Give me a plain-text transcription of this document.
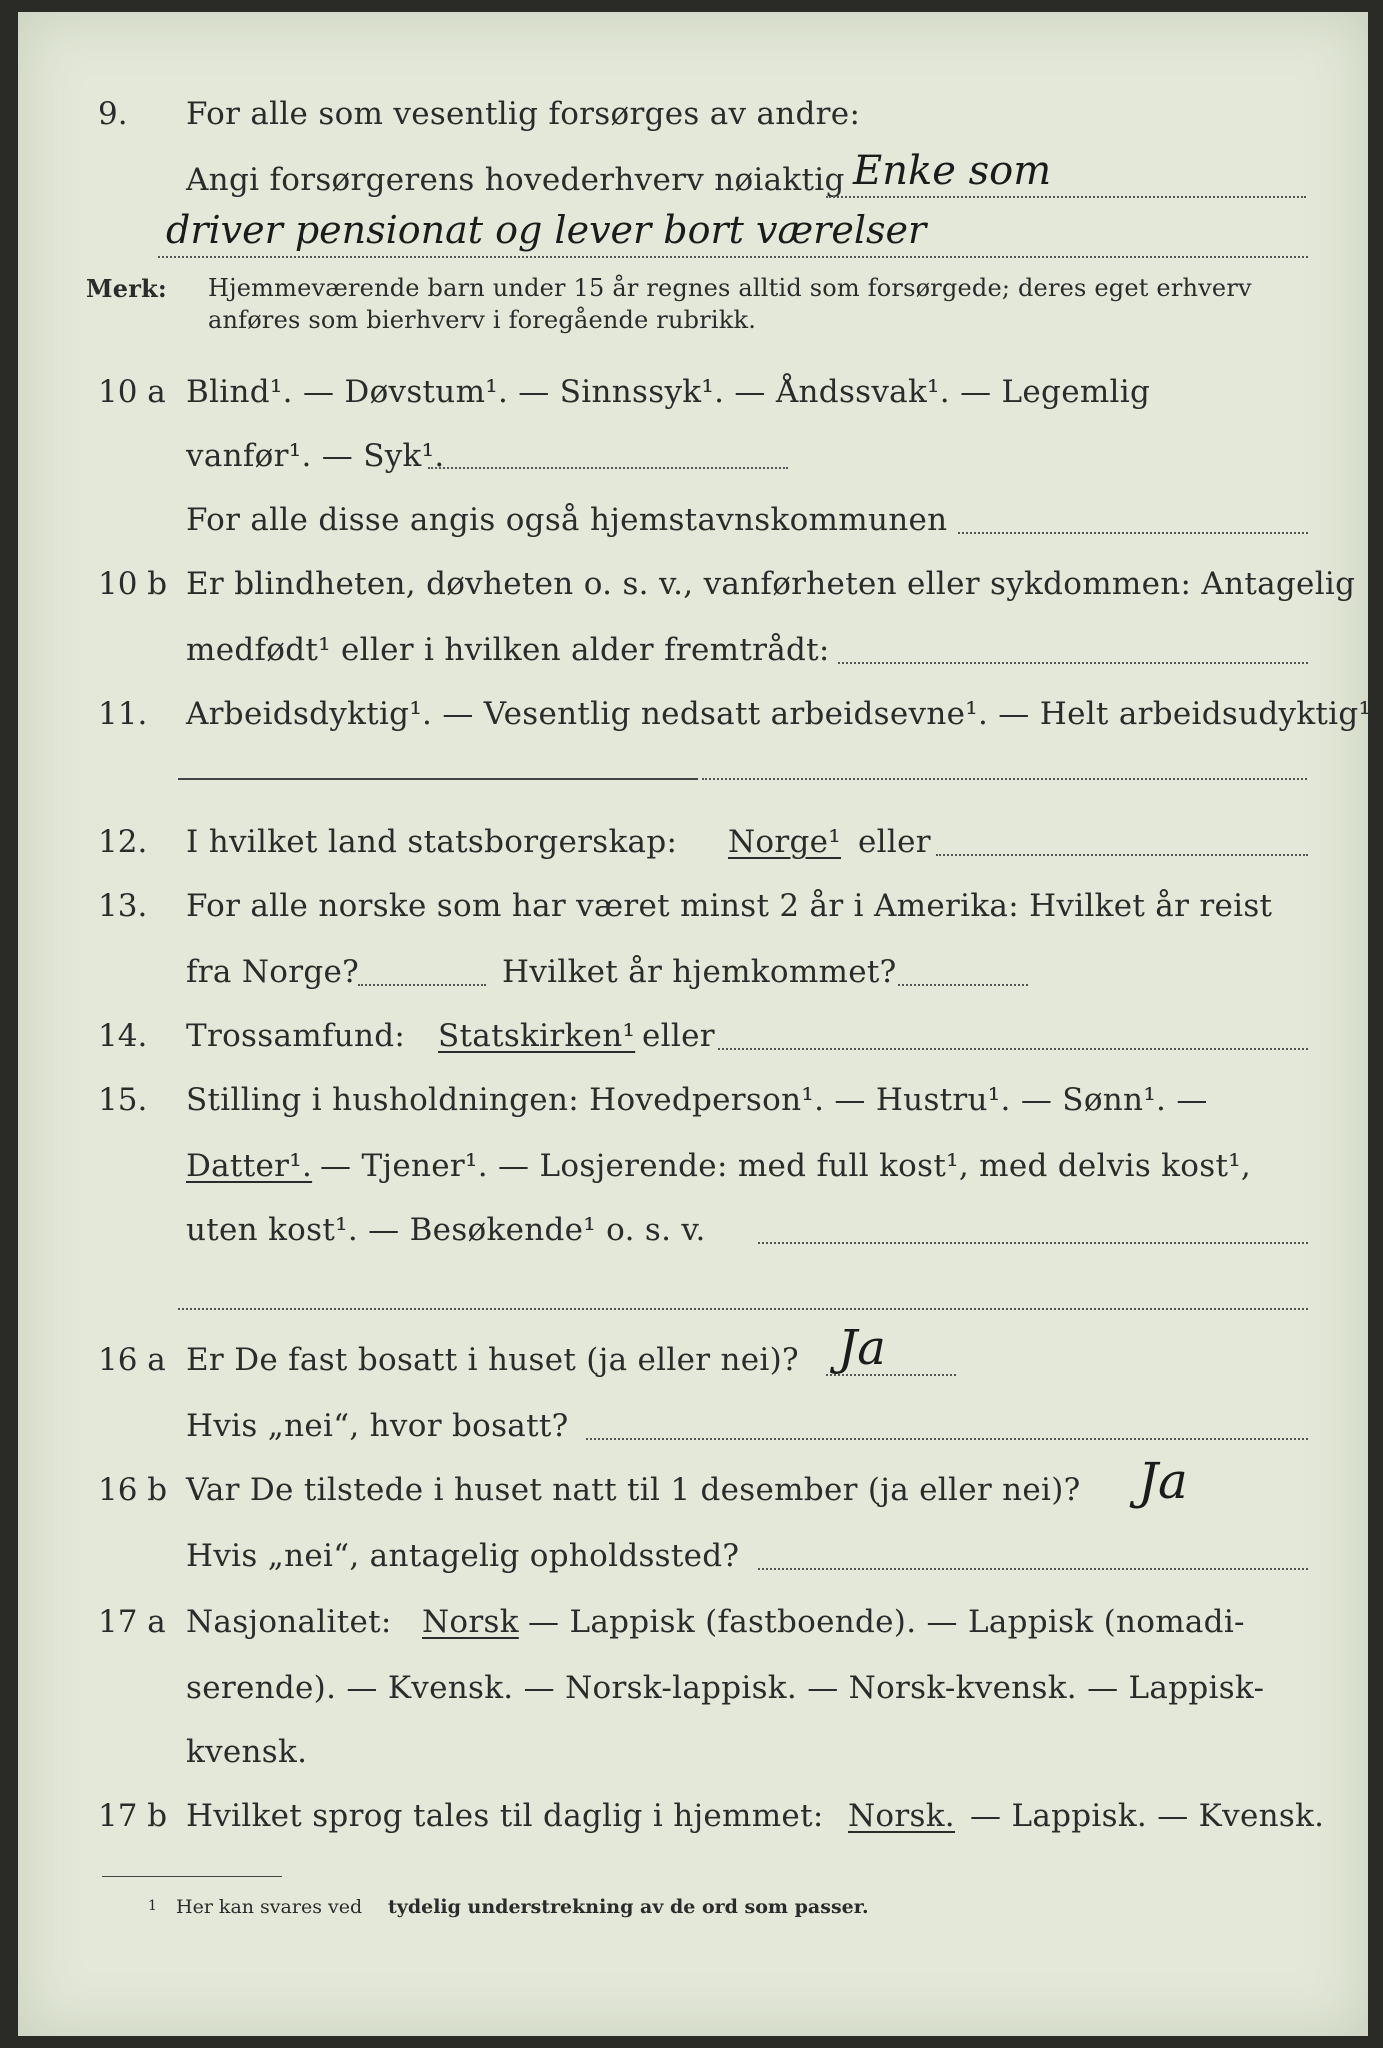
9. For alle som vesentlig forsørges av andre:
Angi forsørgerens hovederhverv nøiaktig Enke som
driver pensionat og lever bort værelser
Merk: Hjemmeværende barn under 15 år regnes alltid som forsørgede; deres eget erhverv
anføres som bierhverv i foregående rubrikk.
10 a Blind¹. — Døvstum¹. — Sinnssyk¹. — Åndssvak¹. — Legemlig
vanfør¹. — Syk¹.
For alle disse angis også hjemstavnskommunen
10 b Er blindheten, døvheten o. s. v., vanførheten eller sykdommen: Antagelig
medfødt¹ eller i hvilken alder fremtrådt:
11. Arbeidsdyktig¹. — Vesentlig nedsatt arbeidsevne¹. — Helt arbeidsudyktig¹.
12. I hvilket land statsborgerskap: Norge¹ eller
13. For alle norske som har været minst 2 år i Amerika: Hvilket år reist
fra Norge?	Hvilket år hjemkommet?
14. Trossamfund: Statskirken¹ eller
15. Stilling i husholdningen: Hovedperson¹. — Hustru¹. — Sønn¹. —
Datter¹. — Tjener¹. — Losjerende: med full kost¹, med delvis kost¹,
uten kost¹. — Besøkende¹ o. s. v.
16 a Er De fast bosatt i huset (ja eller nei)? Ja
Hvis „nei“, hvor bosatt?
16 b Var De tilstede i huset natt til 1 desember (ja eller nei)? Ja
Hvis „nei“, antagelig opholdssted?
17 a Nasjonalitet: Norsk — Lappisk (fastboende). — Lappisk (nomadi-
serende). — Kvensk. — Norsk-lappisk. — Norsk-kvensk. — Lappisk-
kvensk.
17 b Hvilket sprog tales til daglig i hjemmet: Norsk. — Lappisk. — Kvensk.
1 Her kan svares ved tydelig understrekning av de ord som passer.
